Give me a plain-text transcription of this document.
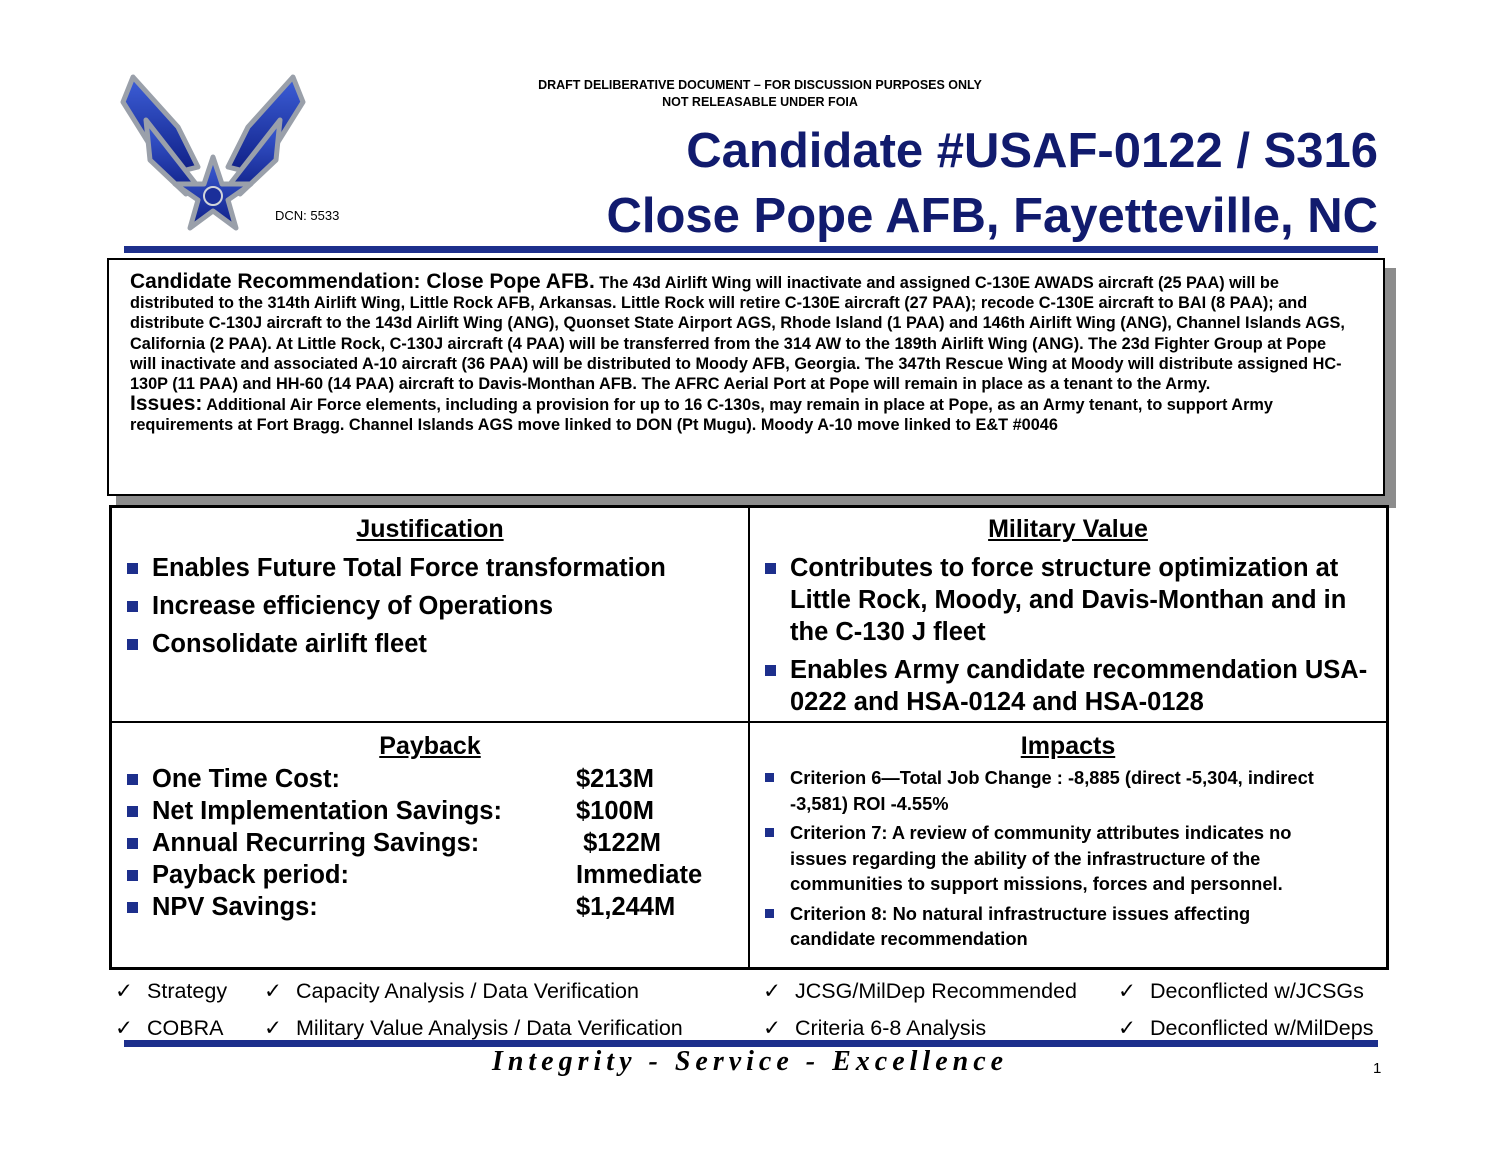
DRAFT DELIBERATIVE DOCUMENT – FOR DISCUSSION PURPOSES ONLY
NOT RELEASABLE UNDER FOIA
DCN: 5533
Candidate #USAF-0122 / S316
Close Pope AFB, Fayetteville, NC
Candidate Recommendation: Close Pope AFB. The 43d Airlift Wing will inactivate and assigned C-130E AWADS aircraft (25 PAA) will be distributed to the 314th Airlift Wing, Little Rock AFB, Arkansas. Little Rock will retire C-130E aircraft (27 PAA); recode C-130E aircraft to BAI (8 PAA); and distribute C-130J aircraft to the 143d Airlift Wing (ANG), Quonset State Airport AGS, Rhode Island (1 PAA) and 146th Airlift Wing (ANG), Channel Islands AGS, California (2 PAA). At Little Rock, C-130J aircraft (4 PAA) will be transferred from the 314 AW to the 189th Airlift Wing (ANG). The 23d Fighter Group at Pope will inactivate and associated A-10 aircraft (36 PAA) will be distributed to Moody AFB, Georgia. The 347th Rescue Wing at Moody will distribute assigned HC-130P (11 PAA) and HH-60 (14 PAA) aircraft to Davis-Monthan AFB. The AFRC Aerial Port at Pope will remain in place as a tenant to the Army.
Issues: Additional Air Force elements, including a provision for up to 16 C-130s, may remain in place at Pope, as an Army tenant, to support Army requirements at Fort Bragg. Channel Islands AGS move linked to DON (Pt Mugu). Moody A-10 move linked to E&T #0046
Justification
Enables Future Total Force transformation
Increase efficiency of Operations
Consolidate airlift fleet
Military Value
Contributes to force structure optimization at Little Rock, Moody, and Davis-Monthan and in the C-130 J fleet
Enables Army candidate recommendation USA-0222 and HSA-0124 and HSA-0128
Payback
One Time Cost:	$213M
Net Implementation Savings:	$100M
Annual Recurring Savings:	$122M
Payback period:	Immediate
NPV Savings:	$1,244M
Impacts
Criterion 6—Total Job Change : -8,885 (direct -5,304, indirect -3,581) ROI -4.55%
Criterion 7: A review of community attributes indicates no issues regarding the ability of the infrastructure of the communities to support missions, forces and personnel.
Criterion 8: No natural infrastructure issues affecting candidate recommendation
✓ Strategy ✓ Capacity Analysis / Data Verification	✓ JCSG/MilDep Recommended ✓ Deconflicted w/JCSGs
✓ COBRA ✓ Military Value Analysis / Data Verification	✓ Criteria 6-8 Analysis	✓ Deconflicted w/MilDeps
Integrity - Service - Excellence	1
